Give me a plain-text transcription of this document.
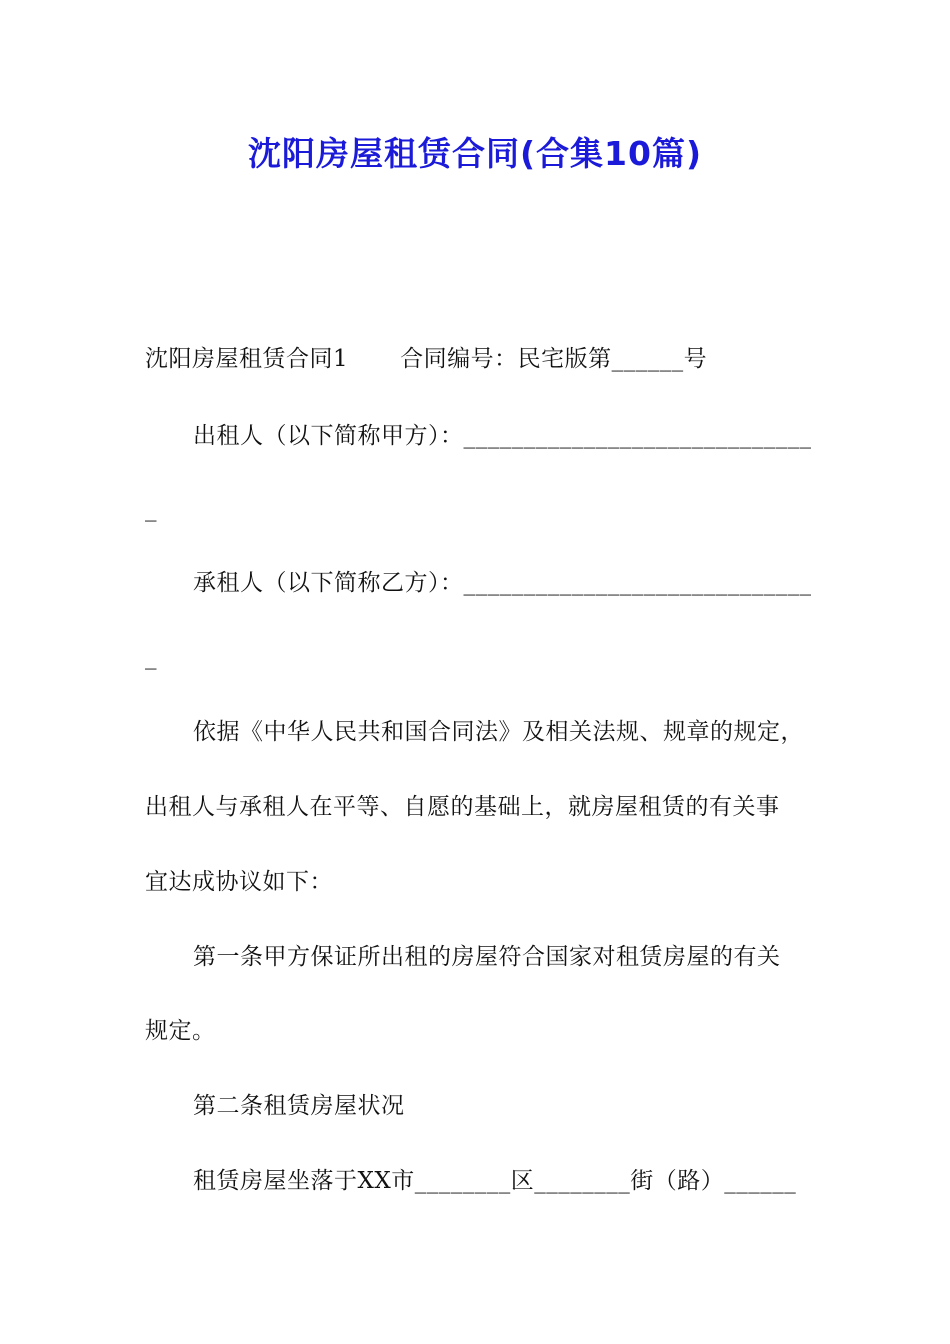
沈阳房屋租赁合同(合集10篇)
沈阳房屋租赁合同1 合同编号：民宅版第______号
出租人（以下简称甲方）：_____________________________
_
承租人（以下简称乙方）：_____________________________
_
依据《中华人民共和国合同法》及相关法规、规章的规定，
出租人与承租人在平等、自愿的基础上，就房屋租赁的有关事
宜达成协议如下：
第一条甲方保证所出租的房屋符合国家对租赁房屋的有关
规定。
第二条租赁房屋状况
租赁房屋坐落于XX市________区________街（路）______
